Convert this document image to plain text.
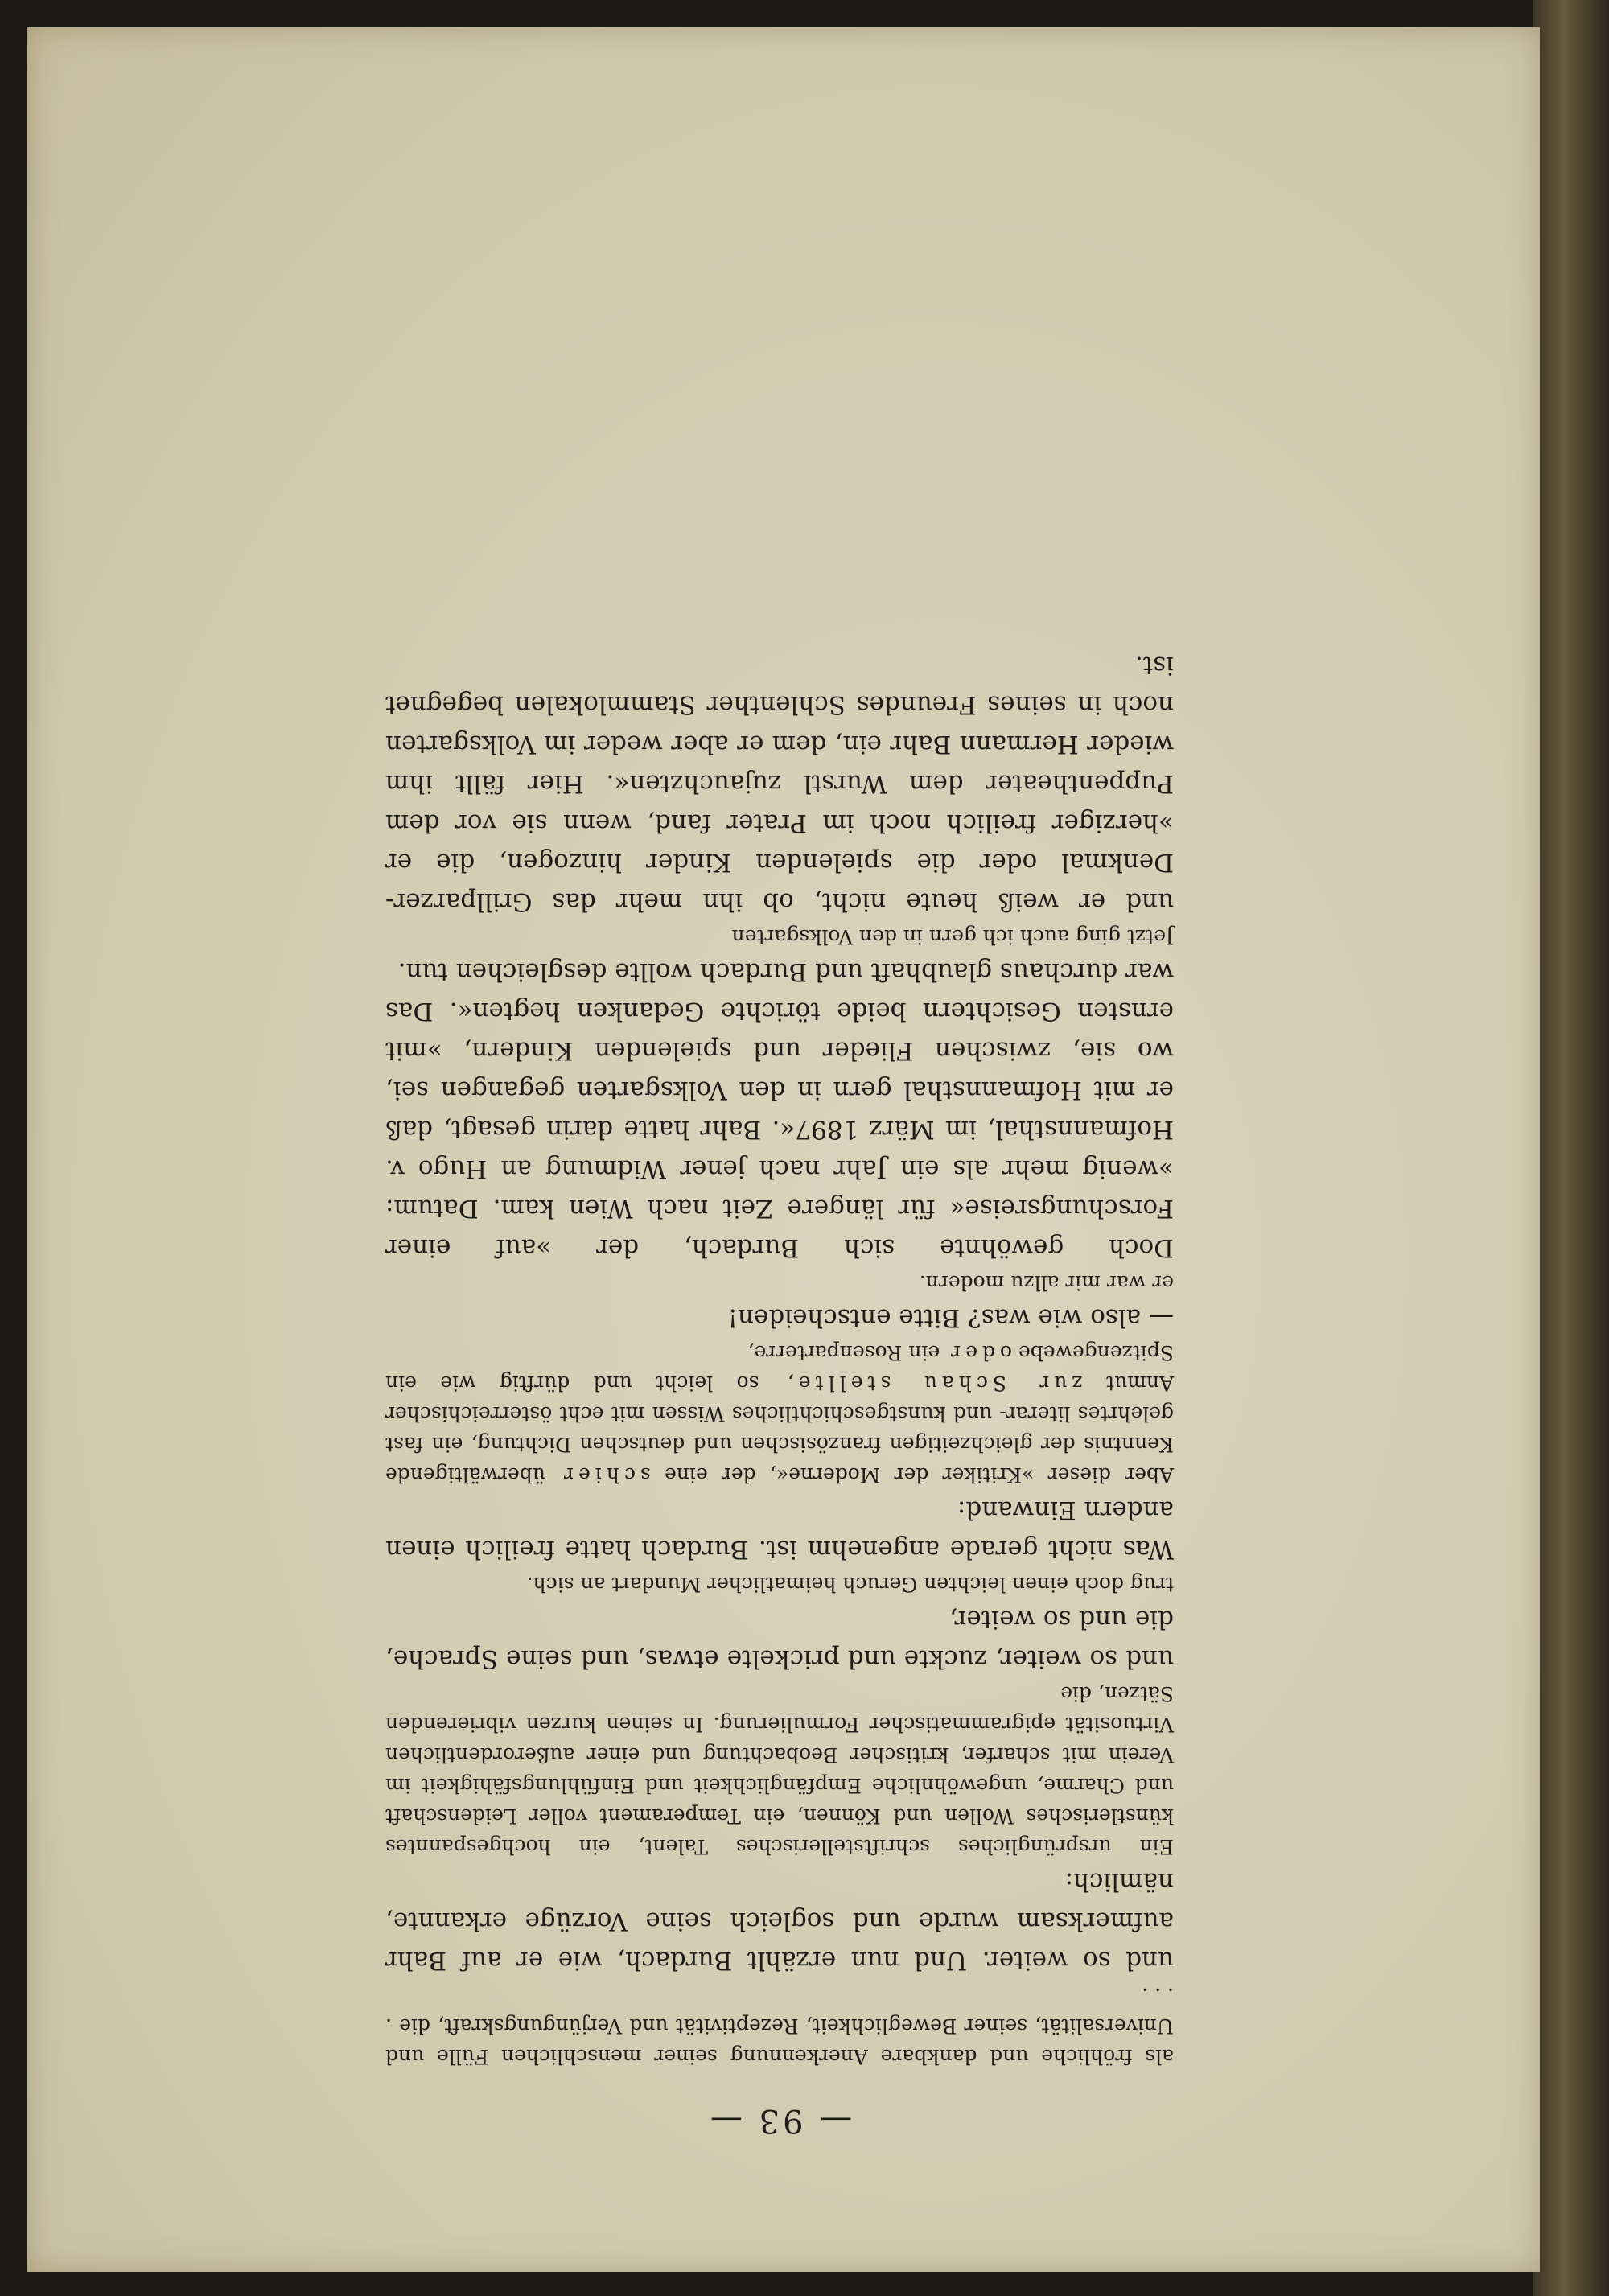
— 93 —

als fröhliche und dankbare Anerkennung seiner menschlichen Fülle und Universalität, seiner Beweglichkeit, Rezeptivität und Verjüngungskraft, die . . . .

und so weiter. Und nun erzählt Burdach, wie er auf Bahr aufmerksam wurde und sogleich seine Vorzüge erkannte, nämlich:

Ein ursprüngliches schriftstellerisches Talent, ein hochgespanntes künstlerisches Wollen und Können, ein Temperament voller Leidenschaft und Charme, ungewöhnliche Empfänglichkeit und Einfühlungsfähigkeit im Verein mit scharfer, kritischer Beobachtung und einer außerordentlichen Virtuosität epigrammatischer Formulierung. In seinen kurzen vibrierenden Sätzen, die

und so weiter, zuckte und prickelte etwas, und seine Sprache, die und so weiter,

trug doch einen leichten Geruch heimatlicher Mundart an sich.

Was nicht gerade angenehm ist. Burdach hatte freilich einen andern Einwand:

Aber dieser »Kritiker der Moderne«, der eine schier überwältigende Kenntnis der gleichzeitigen französischen und deutschen Dichtung, ein fast gelehrtes literar- und kunstgeschichtliches Wissen mit echt österreichischer Anmut zur Schau stellte, so leicht und dürftig wie ein Spitzengewebe oder ein Rosenparterre,

— also wie was? Bitte entscheiden!

er war mir allzu modern.

Doch gewöhnte sich Burdach, der »auf einer Forschungsreise« für längere Zeit nach Wien kam. Datum: »wenig mehr als ein Jahr nach jener Widmung an Hugo v. Hofmannsthal, im März 1897«. Bahr hatte darin gesagt, daß er mit Hofmannsthal gern in den Volksgarten gegangen sei, wo sie, zwischen Flieder und spielenden Kindern, »mit ernsten Gesichtern beide törichte Gedanken hegten«. Das war durchaus glaubhaft und Burdach wollte desgleichen tun.

Jetzt ging auch ich gern in den Volksgarten

und er weiß heute nicht, ob ihn mehr das Grillparzer-Denkmal oder die spielenden Kinder hinzogen, die er »herziger freilich noch im Prater fand, wenn sie vor dem Puppentheater dem Wurstl zujauchzten«. Hier fällt ihm wieder Hermann Bahr ein, dem er aber weder im Volksgarten noch in seines Freundes Schlenther Stammlokalen begegnet ist.
